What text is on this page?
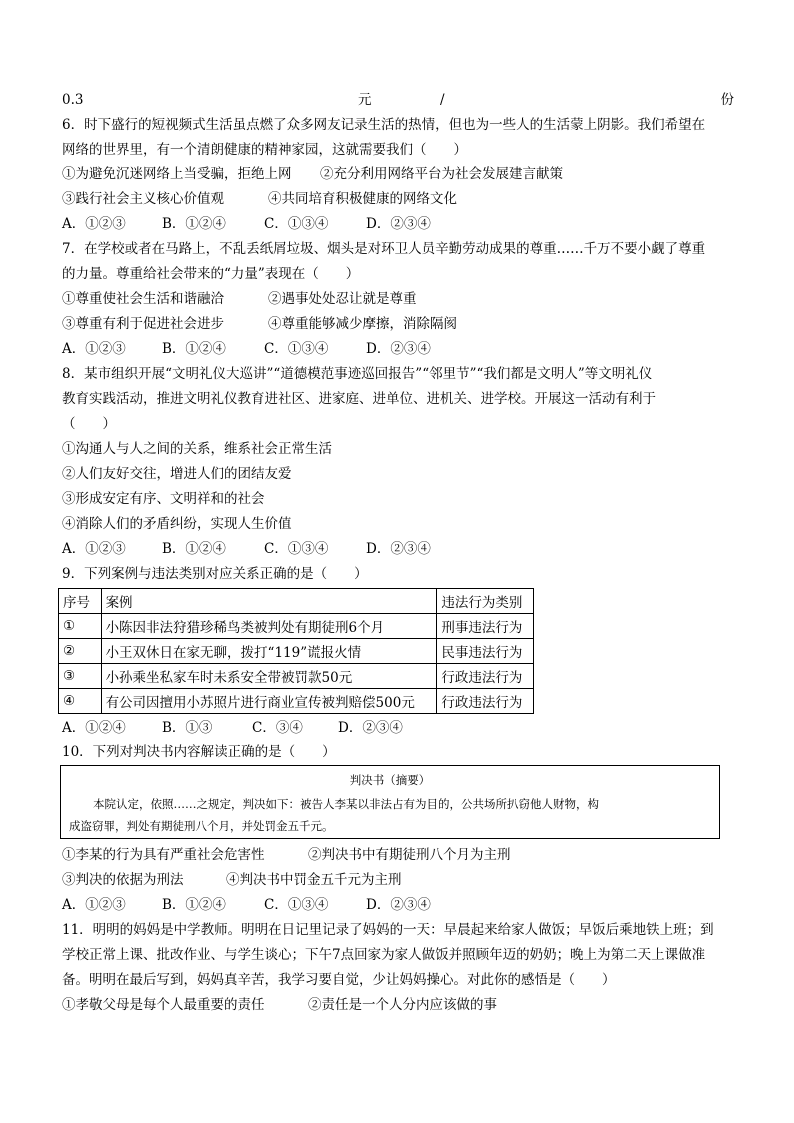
0.3	元	/	份
6．时下盛行的短视频式生活虽点燃了众多网友记录生活的热情，但也为一些人的生活蒙上阴影。我们希望在
网络的世界里，有一个清朗健康的精神家园，这就需要我们（　　）
①为避免沉迷网络上当受骗，拒绝上网 ②充分利用网络平台为社会发展建言献策
③践行社会主义核心价值观	④共同培育积极健康的网络文化
A．①②③	B．①②④	C．①③④	D．②③④
7．在学校或者在马路上，不乱丢纸屑垃圾、烟头是对环卫人员辛勤劳动成果的尊重……千万不要小觑了尊重
的力量。尊重给社会带来的“力量”表现在（　　）
①尊重使社会生活和谐融洽	②遇事处处忍让就是尊重
③尊重有利于促进社会进步	④尊重能够减少摩擦，消除隔阂
A．①②③	B．①②④	C．①③④	D．②③④
8．某市组织开展“文明礼仪大巡讲”“道德模范事迹巡回报告”“邻里节”“我们都是文明人”等文明礼仪
教育实践活动，推进文明礼仪教育进社区、进家庭、进单位、进机关、进学校。开展这一活动有利于
（　　）
①沟通人与人之间的关系，维系社会正常生活
②人们友好交往，增进人们的团结友爱
③形成安定有序、文明祥和的社会
④消除人们的矛盾纠纷，实现人生价值
A．①②③	B．①②④	C．①③④	D．②③④
9．下列案例与违法类别对应关系正确的是（　　）
序号	案例	违法行为类别
①	小陈因非法狩猎珍稀鸟类被判处有期徒刑6个月	刑事违法行为
②	小王双休日在家无聊，拨打“119”谎报火情	民事违法行为
③	小孙乘坐私家车时未系安全带被罚款50元	行政违法行为
④	有公司因擅用小苏照片进行商业宣传被判赔偿500元	行政违法行为
A．①②④	B．①③	C．③④	D．②③④
10．下列对判决书内容解读正确的是（　　）
判决书（摘要）
本院认定，依照……之规定，判决如下：被告人李某以非法占有为目的，公共场所扒窃他人财物，构
成盗窃罪，判处有期徒刑八个月，并处罚金五千元。
①李某的行为具有严重社会危害性	②判决书中有期徒刑八个月为主刑
③判决的依据为刑法	④判决书中罚金五千元为主刑
A．①②③	B．①②④	C．①③④	D．②③④
11．明明的妈妈是中学教师。明明在日记里记录了妈妈的一天：早晨起来给家人做饭；早饭后乘地铁上班；到
学校正常上课、批改作业、与学生谈心；下午7点回家为家人做饭并照顾年迈的奶奶；晚上为第二天上课做准
备。明明在最后写到，妈妈真辛苦，我学习要自觉，少让妈妈操心。对此你的感悟是（　　）
①孝敬父母是每个人最重要的责任	②责任是一个人分内应该做的事
